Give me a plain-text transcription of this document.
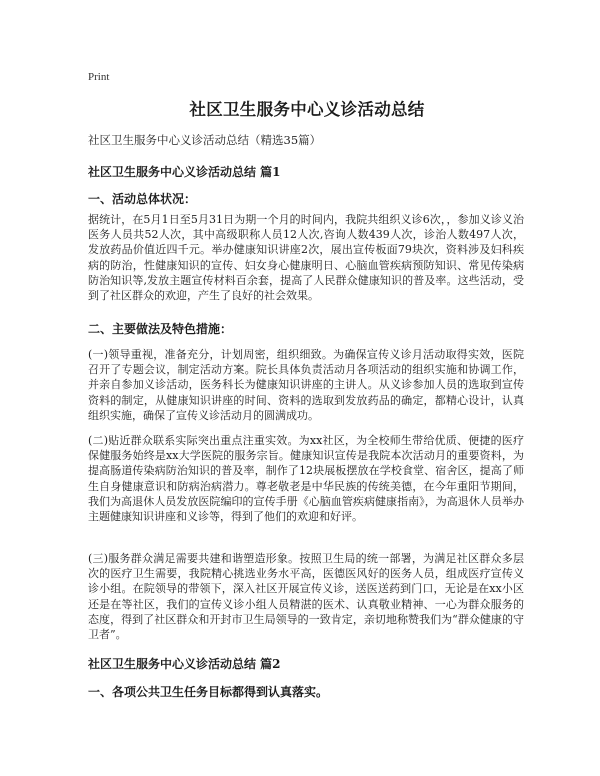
Print
社区卫生服务中心义诊活动总结
社区卫生服务中心义诊活动总结（精选35篇）
社区卫生服务中心义诊活动总结 篇1
一、活动总体状况：
据统计，在5月1日至5月31日为期一个月的时间内，我院共组织义诊6次，，参加义诊义治医务人员共52人次，其中高级职称人员12人次,咨询人数439人次，诊治人数497人次，发放药品价值近四千元。举办健康知识讲座2次，展出宣传板面79块次，资料涉及妇科疾病的防治，性健康知识的宣传、妇女身心健康明日、心脑血管疾病预防知识、常见传染病防治知识等,发放主题宣传材料百余套，提高了人民群众健康知识的普及率。这些活动，受到了社区群众的欢迎，产生了良好的社会效果。
二、主要做法及特色措施：
(一)领导重视，准备充分，计划周密，组织细致。为确保宣传义诊月活动取得实效，医院召开了专题会议，制定活动方案。院长具体负责活动月各项活动的组织实施和协调工作，并亲自参加义诊活动，医务科长为健康知识讲座的主讲人。从义诊参加人员的选取到宣传资料的制定，从健康知识讲座的时间、资料的选取到发放药品的确定，都精心设计，认真组织实施，确保了宣传义诊活动月的圆满成功。
(二)贴近群众联系实际突出重点注重实效。为xx社区，为全校师生带给优质、便捷的医疗保健服务始终是xx大学医院的服务宗旨。健康知识宣传是我院本次活动月的重要资料，为提高肠道传染病防治知识的普及率，制作了12块展板摆放在学校食堂、宿舍区，提高了师生自身健康意识和防病治病潜力。尊老敬老是中华民族的传统美德，在今年重阳节期间，我们为高退休人员发放医院编印的宣传手册《心脑血管疾病健康指南》，为高退休人员举办主题健康知识讲座和义诊等，得到了他们的欢迎和好评。
(三)服务群众满足需要共建和谐塑造形象。按照卫生局的统一部署，为满足社区群众多层次的医疗卫生需要，我院精心挑选业务水平高，医德医风好的医务人员，组成医疗宣传义诊小组。在院领导的带领下，深入社区开展宣传义诊，送医送药到门口，无论是在xx小区还是在等社区，我们的宣传义诊小组人员精湛的医术、认真敬业精神、一心为群众服务的态度，得到了社区群众和开封市卫生局领导的一致肯定，亲切地称赞我们为“群众健康的守卫者”。
社区卫生服务中心义诊活动总结 篇2
一、各项公共卫生任务目标都得到认真落实。
